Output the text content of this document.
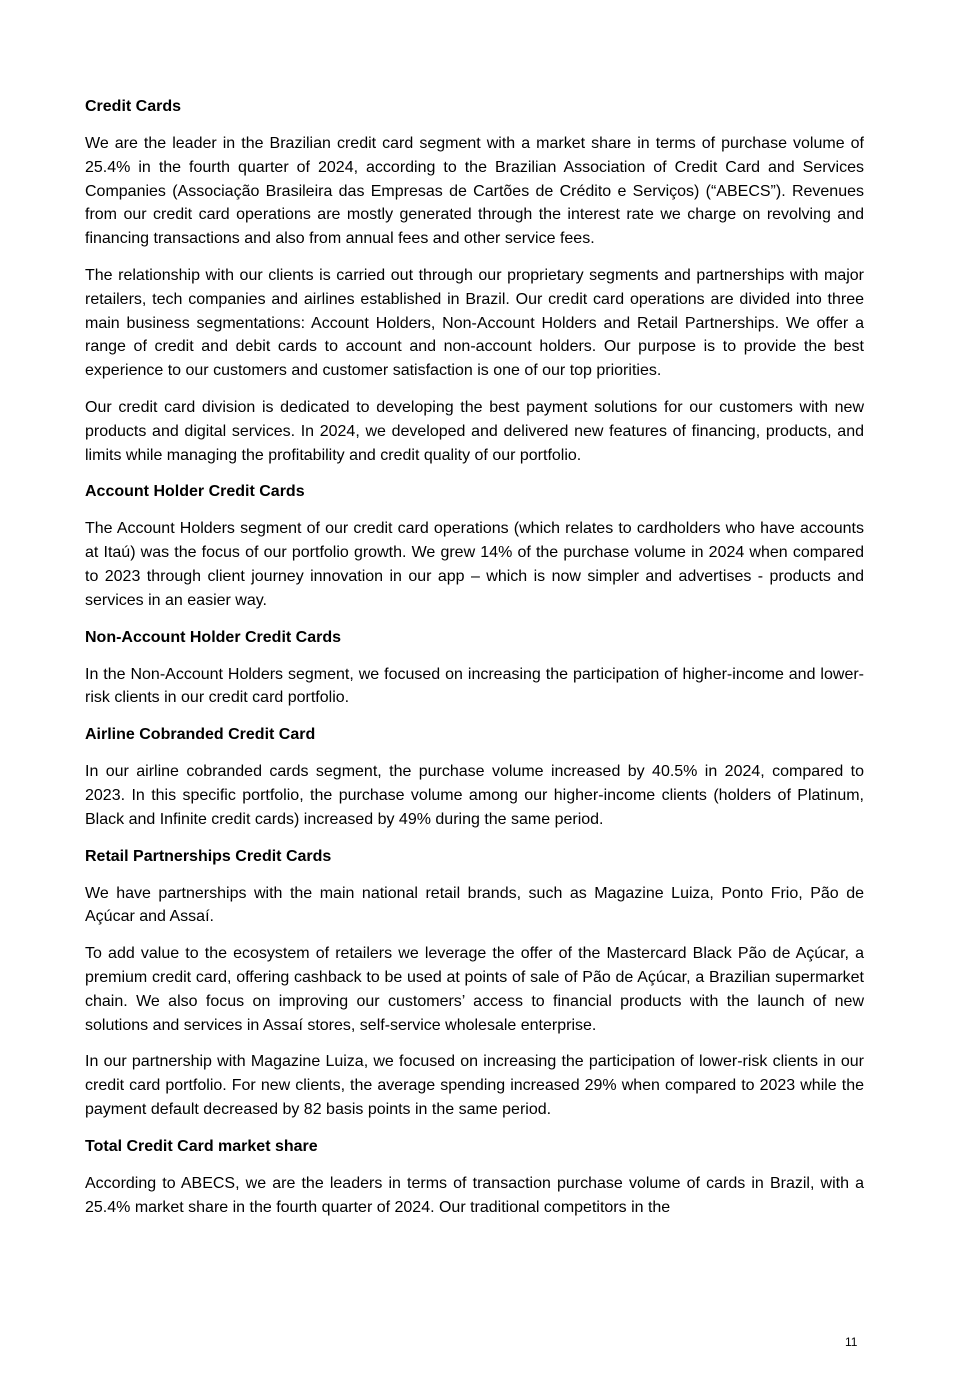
Credit Cards

We are the leader in the Brazilian credit card segment with a market share in terms of purchase volume of 25.4% in the fourth quarter of 2024, according to the Brazilian Association of Credit Card and Services Companies (Associação Brasileira das Empresas de Cartões de Crédito e Serviços) (“ABECS”). Revenues from our credit card operations are mostly generated through the interest rate we charge on revolving and financing transactions and also from annual fees and other service fees.

The relationship with our clients is carried out through our proprietary segments and partnerships with major retailers, tech companies and airlines established in Brazil. Our credit card operations are divided into three main business segmentations: Account Holders, Non-Account Holders and Retail Partnerships. We offer a range of credit and debit cards to account and non-account holders. Our purpose is to provide the best experience to our customers and customer satisfaction is one of our top priorities.

Our credit card division is dedicated to developing the best payment solutions for our customers with new products and digital services. In 2024, we developed and delivered new features of financing, products, and limits while managing the profitability and credit quality of our portfolio.

Account Holder Credit Cards

The Account Holders segment of our credit card operations (which relates to cardholders who have accounts at Itaú) was the focus of our portfolio growth. We grew 14% of the purchase volume in 2024 when compared to 2023 through client journey innovation in our app – which is now simpler and advertises - products and services in an easier way.

Non-Account Holder Credit Cards

In the Non-Account Holders segment, we focused on increasing the participation of higher-income and lower-risk clients in our credit card portfolio.

Airline Cobranded Credit Card

In our airline cobranded cards segment, the purchase volume increased by 40.5% in 2024, compared to 2023. In this specific portfolio, the purchase volume among our higher-income clients (holders of Platinum, Black and Infinite credit cards) increased by 49% during the same period.

Retail Partnerships Credit Cards

We have partnerships with the main national retail brands, such as Magazine Luiza, Ponto Frio, Pão de Açúcar and Assaí.

To add value to the ecosystem of retailers we leverage the offer of the Mastercard Black Pão de Açúcar, a premium credit card, offering cashback to be used at points of sale of Pão de Açúcar, a Brazilian supermarket chain. We also focus on improving our customers’ access to financial products with the launch of new solutions and services in Assaí stores, self-service wholesale enterprise.

In our partnership with Magazine Luiza, we focused on increasing the participation of lower-risk clients in our credit card portfolio. For new clients, the average spending increased 29% when compared to 2023 while the payment default decreased by 82 basis points in the same period.

Total Credit Card market share

According to ABECS, we are the leaders in terms of transaction purchase volume of cards in Brazil, with a 25.4% market share in the fourth quarter of 2024. Our traditional competitors in the

11
